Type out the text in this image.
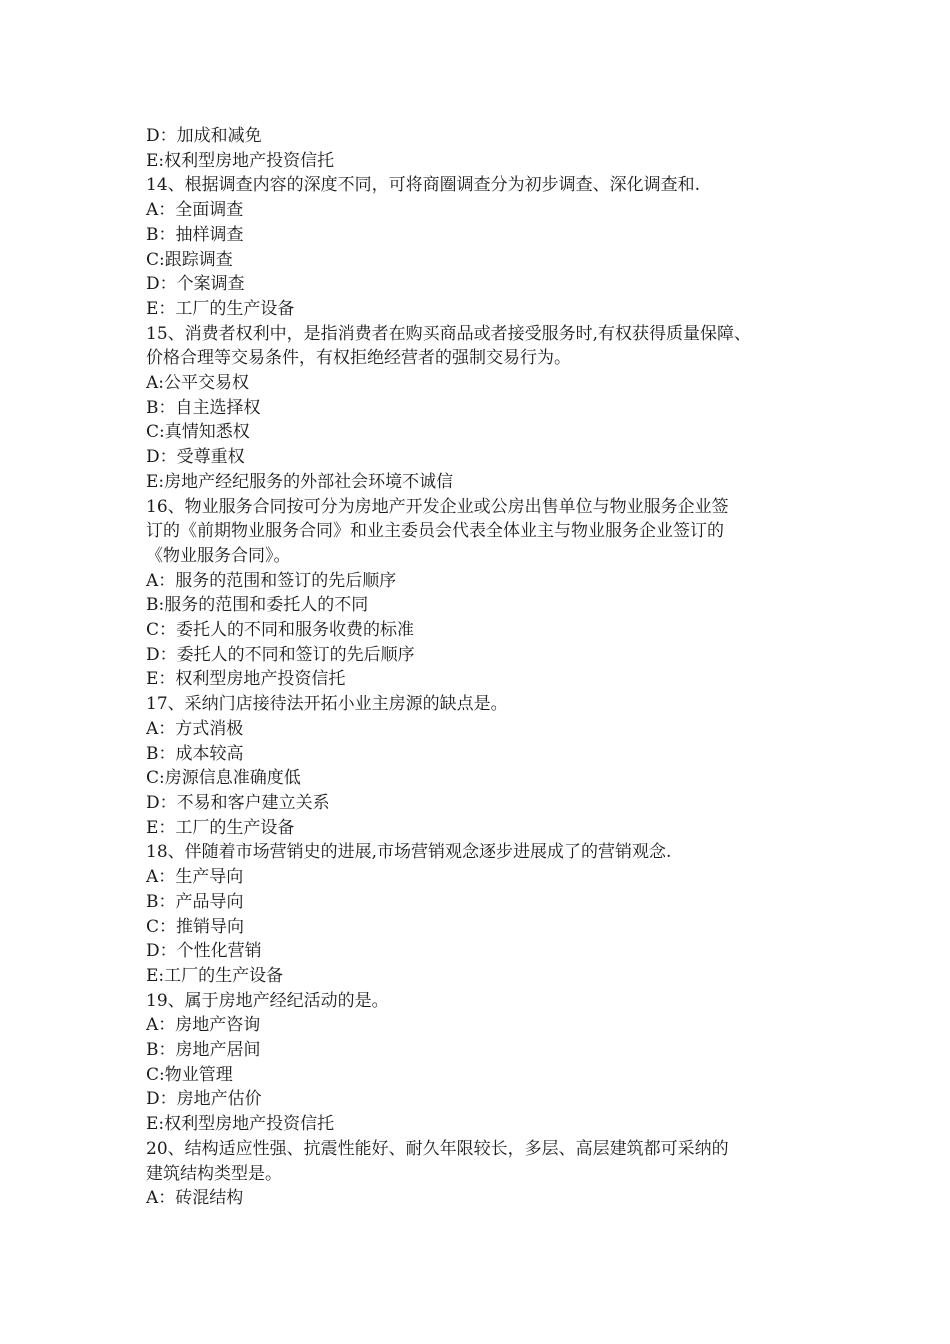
D：加成和减免
E:权利型房地产投资信托
14、根据调查内容的深度不同，可将商圈调查分为初步调查、深化调查和.
A：全面调查
B：抽样调查
C:跟踪调查
D：个案调查
E：工厂的生产设备
15、消费者权利中，是指消费者在购买商品或者接受服务时,有权获得质量保障、
价格合理等交易条件，有权拒绝经营者的强制交易行为。
A:公平交易权
B：自主选择权
C:真情知悉权
D：受尊重权
E:房地产经纪服务的外部社会环境不诚信
16、物业服务合同按可分为房地产开发企业或公房出售单位与物业服务企业签
订的《前期物业服务合同》和业主委员会代表全体业主与物业服务企业签订的
《物业服务合同》。
A：服务的范围和签订的先后顺序
B:服务的范围和委托人的不同
C：委托人的不同和服务收费的标准
D：委托人的不同和签订的先后顺序
E：权利型房地产投资信托
17、采纳门店接待法开拓小业主房源的缺点是。
A：方式消极
B：成本较高
C:房源信息准确度低
D：不易和客户建立关系
E：工厂的生产设备
18、伴随着市场营销史的进展,市场营销观念逐步进展成了的营销观念.
A：生产导向
B：产品导向
C：推销导向
D：个性化营销
E:工厂的生产设备
19、属于房地产经纪活动的是。
A：房地产咨询
B：房地产居间
C:物业管理
D：房地产估价
E:权利型房地产投资信托
20、结构适应性强、抗震性能好、耐久年限较长，多层、高层建筑都可采纳的
建筑结构类型是。
A：砖混结构
